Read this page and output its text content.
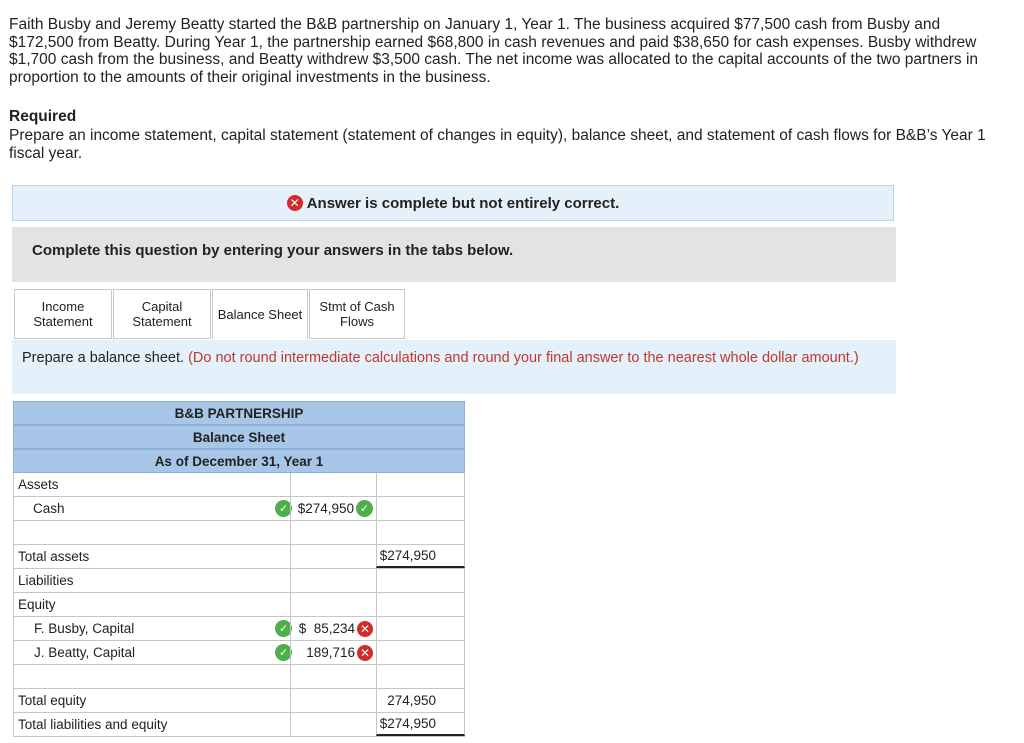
Faith Busby and Jeremy Beatty started the B&B partnership on January 1, Year 1. The business acquired $77,500 cash from Busby and $172,500 from Beatty. During Year 1, the partnership earned $68,800 in cash revenues and paid $38,650 for cash expenses. Busby withdrew $1,700 cash from the business, and Beatty withdrew $3,500 cash. The net income was allocated to the capital accounts of the two partners in proportion to the amounts of their original investments in the business.
Required
Prepare an income statement, capital statement (statement of changes in equity), balance sheet, and statement of cash flows for B&B’s Year 1 fiscal year.
✕ Answer is complete but not entirely correct.
Complete this question by entering your answers in the tabs below.
Income Statement
Capital Statement	Balance Sheet	Stmt of Cash Flows
Prepare a balance sheet. (Do not round intermediate calculations and round your final answer to the nearest whole dollar amount.)
B&B PARTNERSHIP
Balance Sheet
As of December 31, Year 1
Assets
Cash	✓ $274,950 ✓
Total assets	$274,950
Liabilities
Equity
F. Busby, Capital	✓ $  85,234 ✕
J. Beatty, Capital	✓ 189,716 ✕
Total equity	274,950
Total liabilities and equity	$274,950
